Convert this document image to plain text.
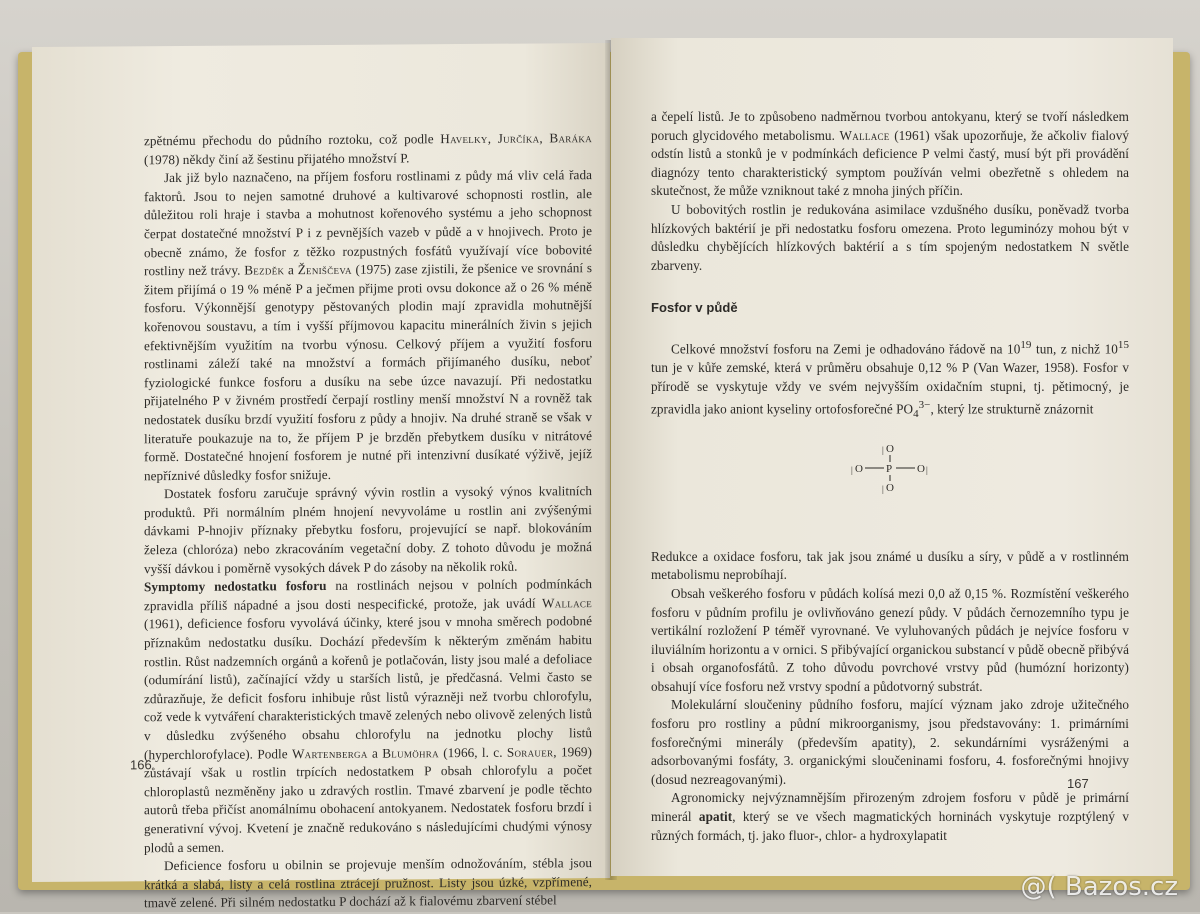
zpětnému přechodu do půdního roztoku, což podle Havelky, Jurčíka, Baráka (1978) někdy činí až šestinu přijatého množství P.

Jak již bylo naznačeno, na příjem fosforu rostlinami z půdy má vliv celá řada faktorů. Jsou to nejen samotné druhové a kultivarové schopnosti rostlin, ale důležitou roli hraje i stavba a mohutnost kořenového systému a jeho schopnost čerpat dostatečné množství P i z pevnějších vazeb v půdě a v hnojivech. Proto je obecně známo, že fosfor z těžko rozpustných fosfátů využívají více bobovité rostliny než trávy. Bezděk a Ženiščeva (1975) zase zjistili, že pšenice ve srovnání s žitem přijímá o 19 % méně P a ječmen přijme proti ovsu dokonce až o 26 % méně fosforu. Výkonnější genotypy pěstovaných plodin mají zpravidla mohutnější kořenovou soustavu, a tím i vyšší příjmovou kapacitu minerálních živin s jejich efektivnějším využitím na tvorbu výnosu. Celkový příjem a využití fosforu rostlinami záleží také na množství a formách přijímaného dusíku, neboť fyziologické funkce fosforu a dusíku na sebe úzce navazují. Při nedostatku přijatelného P v živném prostředí čerpají rostliny menší množství N a rovněž tak nedostatek dusíku brzdí využití fosforu z půdy a hnojiv. Na druhé straně se však v literatuře poukazuje na to, že příjem P je brzděn přebytkem dusíku v nitrátové formě. Dostatečné hnojení fosforem je nutné při intenzivní dusíkaté výživě, jejíž nepříznivé důsledky fosfor snižuje.

Dostatek fosforu zaručuje správný vývin rostlin a vysoký výnos kvalitních produktů. Při normálním plném hnojení nevyvoláme u rostlin ani zvýšenými dávkami P-hnojiv příznaky přebytku fosforu, projevující se např. blokováním železa (chloróza) nebo zkracováním vegetační doby. Z tohoto důvodu je možná vyšší dávkou i poměrně vysokých dávek P do zásoby na několik roků.

Symptomy nedostatku fosforu na rostlinách nejsou v polních podmínkách zpravidla příliš nápadné a jsou dosti nespecifické, protože, jak uvádí Wallace (1961), deficience fosforu vyvolává účinky, které jsou v mnoha směrech podobné příznakům nedostatku dusíku. Dochází především k některým změnám habitu rostlin. Růst nadzemních orgánů a kořenů je potlačován, listy jsou malé a defoliace (odumírání listů), začínající vždy u starších listů, je předčasná. Velmi často se zdůrazňuje, že deficit fosforu inhibuje růst listů výrazněji než tvorbu chlorofylu, což vede k vytváření charakteristických tmavě zelených nebo olivově zelených listů v důsledku zvýšeného obsahu chlorofylu na jednotku plochy listů (hyperchlorofylace). Podle Wartenberga a Blumöhra (1966, l. c. Sorauer, 1969) zůstávají však u rostlin trpících nedostatkem P obsah chlorofylu a počet chloroplastů nezměněny jako u zdravých rostlin. Tmavé zbarvení je podle těchto autorů třeba přičíst anomálnímu obohacení antokyanem. Nedostatek fosforu brzdí i generativní vývoj. Kvetení je značně redukováno s následujícími chudými výnosy plodů a semen.

Deficience fosforu u obilnin se projevuje menším odnožováním, stébla jsou krátká a slabá, listy a celá rostlina ztrácejí pružnost. Listy jsou úzké, vzpřímené, tmavě zelené. Při silném nedostatku P dochází až k fialovému zbarvení stébel

166

a čepelí listů. Je to způsobeno nadměrnou tvorbou antokyanu, který se tvoří následkem poruch glycidového metabolismu. Wallace (1961) však upozorňuje, že ačkoliv fialový odstín listů a stonků je v podmínkách deficience P velmi častý, musí být při provádění diagnózy tento charakteristický symptom používán velmi obezřetně s ohledem na skutečnost, že může vzniknout také z mnoha jiných příčin.

U bobovitých rostlin je redukována asimilace vzdušného dusíku, poněvadž tvorba hlízkových baktérií je při nedostatku fosforu omezena. Proto leguminózy mohou být v důsledku chybějících hlízkových baktérií a s tím spojeným nedostatkem N světle zbarveny.

Fosfor v půdě

Celkové množství fosforu na Zemi je odhadováno řádově na $10^{19}$ tun, z nichž $10^{15}$ tun je v kůře zemské, která v průměru obsahuje 0,12 % P (Van Wazer, 1958). Fosfor v přírodě se vyskytuje vždy ve svém nejvyšším oxidačním stupni, tj. pětimocný, je zpravidla jako aniont kyseliny ortofosforečné $PO_4^{3-}$, který lze strukturně znázornit

O
O
O	O
P
|
|
|	|

Redukce a oxidace fosforu, tak jak jsou známé u dusíku a síry, v půdě a v rostlinném metabolismu neprobíhají.

Obsah veškerého fosforu v půdách kolísá mezi 0,0 až 0,15 %. Rozmístění veškerého fosforu v půdním profilu je ovlivňováno genezí půdy. V půdách černozemního typu je vertikální rozložení P téměř vyrovnané. Ve vyluhovaných půdách je nejvíce fosforu v iluviálním horizontu a v ornici. S přibývající organickou substancí v půdě obecně přibývá i obsah organofosfátů. Z toho důvodu povrchové vrstvy půd (humózní horizonty) obsahují více fosforu než vrstvy spodní a půdotvorný substrát.

Molekulární sloučeniny půdního fosforu, mající význam jako zdroje užitečného fosforu pro rostliny a půdní mikroorganismy, jsou představovány: 1. primárními fosforečnými minerály (především apatity), 2. sekundárními vysráženými a adsorbovanými fosfáty, 3. organickými sloučeninami fosforu, 4. fosforečnými hnojivy (dosud nezreagovanými).

Agronomicky nejvýznamnějším přirozeným zdrojem fosforu v půdě je primární minerál apatit, který se ve všech magmatických horninách vyskytuje rozptýlený v různých formách, tj. jako fluor-, chlor- a hydroxylapatit

167
@( Bazos.cz
